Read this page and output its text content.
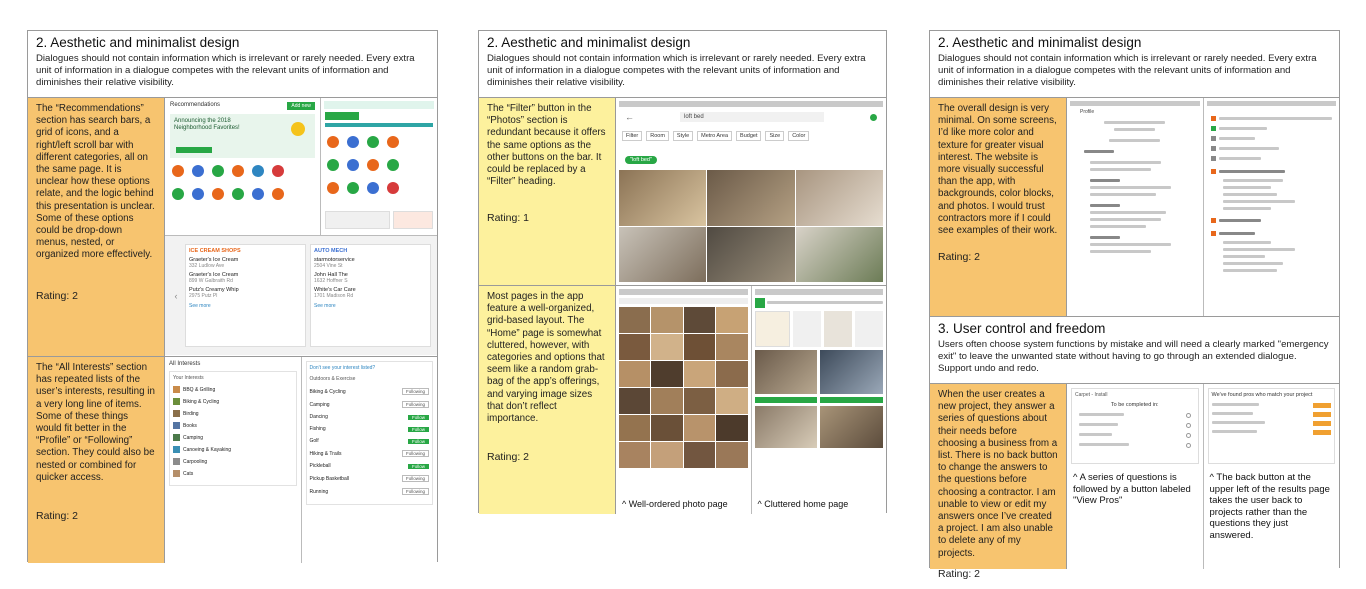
2. Aesthetic and minimalist design
Dialogues should not contain information which is irrelevant or rarely needed. Every extra unit of information in a dialogue competes with the relevant units of information and diminishes their relative visibility.
The “Recommendations” section has search bars, a grid of icons, and a right/left scroll bar with different categories, all on the same page. It is unclear how these options relate, and the logic behind this presentation is unclear. Some of these options could be drop-down menus, nested, or organized more effectively.
Rating: 2
Recommendations	Add new
Announcing the 2018 Neighborhood Favorites!
‹
ICE CREAM SHOPS
Graeter's Ice Cream
332 Ludlow Ave
Graeter's Ice Cream
899 W Galbraith Rd
Putz's Creamy Whip
2975 Putz Pl
See more
AUTO MECH
starmotorservice
2504 Vine St
John Hall The
1632 Hoffner S
White's Car Care
1701 Madison Rd
See more
The “All Interests” section has repeated lists of the user’s interests, resulting in a very long line of items. Some of these things would fit better in the “Profile” or “Following” section. They could also be nested or combined for quicker access.
Rating: 2
All Interests
Your Interests
BBQ & Grilling
Biking & Cycling
Birding
Books
Camping
Canoeing & Kayaking
Carpooling
Cats
Don't see your interest listed?
Outdoors & Exercise
Biking & Cycling	Following
Camping	Following
Dancing	Follow
Fishing	Follow
Golf	Follow
Hiking & Trails	Following
Pickleball	Follow
Pickup Basketball	Following
Running	Following
2. Aesthetic and minimalist design
Dialogues should not contain information which is irrelevant or rarely needed. Every extra unit of information in a dialogue competes with the relevant units of information and diminishes their relative visibility.
The “Filter” button in the “Photos” section is redundant because it offers the same options as the other buttons on the bar. It could be replaced by a “Filter” heading.
Rating: 1
←	loft bed
Filter	Room	Style	Metro Area	Budget	Size	Color
"loft bed"
Most pages in the app feature a well-organized, grid-based layout. The “Home” page is somewhat cluttered, however, with categories and options that seem like a random grab-bag of the app’s offerings, and varying image sizes that don’t reflect importance.
Rating: 2
^ Well-ordered photo page	^ Cluttered home page
2. Aesthetic and minimalist design
Dialogues should not contain information which is irrelevant or rarely needed. Every extra unit of information in a dialogue competes with the relevant units of information and diminishes their relative visibility.
The overall design is very minimal. On some screens, I’d like more color and texture for greater visual interest. The website is more visually successful than the app, with backgrounds, color blocks, and photos. I would trust contractors more if I could see examples of their work.
Rating: 2
Profile
3. User control and freedom
Users often choose system functions by mistake and will need a clearly marked "emergency exit" to leave the unwanted state without having to go through an extended dialogue. Support undo and redo.
When the user creates a new project, they answer a series of questions about their needs before choosing a business from a list. There is no back button to change the answers to the questions before choosing a contractor. I am unable to view or edit my answers once I’ve created a project. I am also unable to delete any of my projects.
Rating: 2
Carpet - Install
To be completed in:
^ A series of questions is followed by a button labeled "View Pros"
We've found pros who match your project
^ The back button at the upper left of the results page takes the user back to projects rather than the questions they just answered.
